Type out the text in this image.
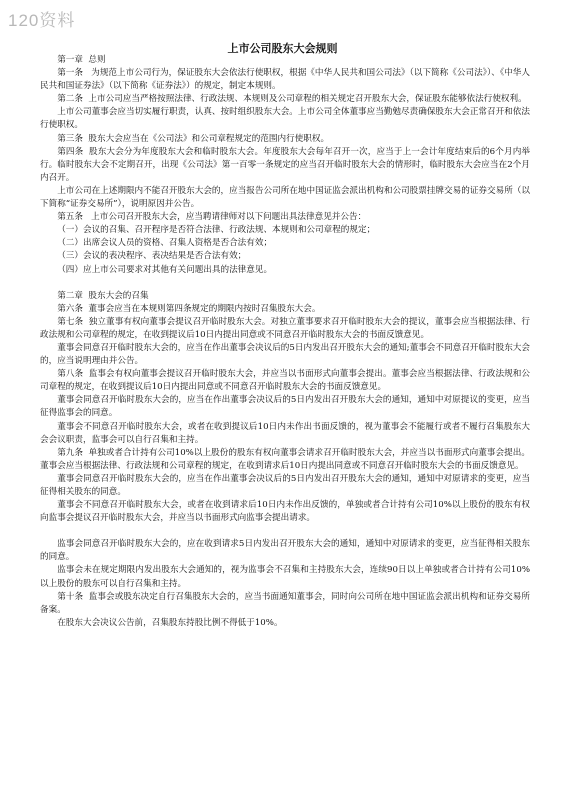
120资料
上市公司股东大会规则

第一章  总则

第一条   为规范上市公司行为，保证股东大会依法行使职权，根据《中华人民共和国公司法》（以下简称《公司法》）、《中华人民共和国证券法》（以下简称《证券法》）的规定，制定本规则。

第二条  上市公司应当严格按照法律、行政法规、本规则及公司章程的相关规定召开股东大会，保证股东能够依法行使权利。

上市公司董事会应当切实履行职责，认真、按时组织股东大会。上市公司全体董事应当勤勉尽责确保股东大会正常召开和依法行使职权。

第三条  股东大会应当在《公司法》和公司章程规定的范围内行使职权。

第四条  股东大会分为年度股东大会和临时股东大会。年度股东大会每年召开一次，应当于上一会计年度结束后的6个月内举行。临时股东大会不定期召开，出现《公司法》第一百零一条规定的应当召开临时股东大会的情形时，临时股东大会应当在2个月内召开。

上市公司在上述期限内不能召开股东大会的，应当报告公司所在地中国证监会派出机构和公司股票挂牌交易的证券交易所（以下简称“证券交易所”），说明原因并公告。

第五条   上市公司召开股东大会，应当聘请律师对以下问题出具法律意见并公告：

（一）会议的召集、召开程序是否符合法律、行政法规、本规则和公司章程的规定；

（二）出席会议人员的资格、召集人资格是否合法有效；

（三）会议的表决程序、表决结果是否合法有效；

（四）应上市公司要求对其他有关问题出具的法律意见。

第二章  股东大会的召集

第六条  董事会应当在本规则第四条规定的期限内按时召集股东大会。

第七条  独立董事有权向董事会提议召开临时股东大会。对独立董事要求召开临时股东大会的提议，董事会应当根据法律、行政法规和公司章程的规定，在收到提议后10日内提出同意或不同意召开临时股东大会的书面反馈意见。

董事会同意召开临时股东大会的，应当在作出董事会决议后的5日内发出召开股东大会的通知;董事会不同意召开临时股东大会的，应当说明理由并公告。

第八条  监事会有权向董事会提议召开临时股东大会，并应当以书面形式向董事会提出。董事会应当根据法律、行政法规和公司章程的规定，在收到提议后10日内提出同意或不同意召开临时股东大会的书面反馈意见。

董事会同意召开临时股东大会的，应当在作出董事会决议后的5日内发出召开股东大会的通知，通知中对原提议的变更，应当征得监事会的同意。

董事会不同意召开临时股东大会，或者在收到提议后10日内未作出书面反馈的，视为董事会不能履行或者不履行召集股东大会会议职责，监事会可以自行召集和主持。

第九条  单独或者合计持有公司10%以上股份的股东有权向董事会请求召开临时股东大会，并应当以书面形式向董事会提出。董事会应当根据法律、行政法规和公司章程的规定，在收到请求后10日内提出同意或不同意召开临时股东大会的书面反馈意见。

董事会同意召开临时股东大会的，应当在作出董事会决议后的5日内发出召开股东大会的通知，通知中对原请求的变更，应当征得相关股东的同意。

董事会不同意召开临时股东大会，或者在收到请求后10日内未作出反馈的，单独或者合计持有公司10%以上股份的股东有权向监事会提议召开临时股东大会，并应当以书面形式向监事会提出请求。

监事会同意召开临时股东大会的，应在收到请求5日内发出召开股东大会的通知，通知中对原请求的变更，应当征得相关股东的同意。

监事会未在规定期限内发出股东大会通知的，视为监事会不召集和主持股东大会，连续90日以上单独或者合计持有公司10%以上股份的股东可以自行召集和主持。

第十条  监事会或股东决定自行召集股东大会的，应当书面通知董事会，同时向公司所在地中国证监会派出机构和证券交易所备案。

在股东大会决议公告前，召集股东持股比例不得低于10%。
